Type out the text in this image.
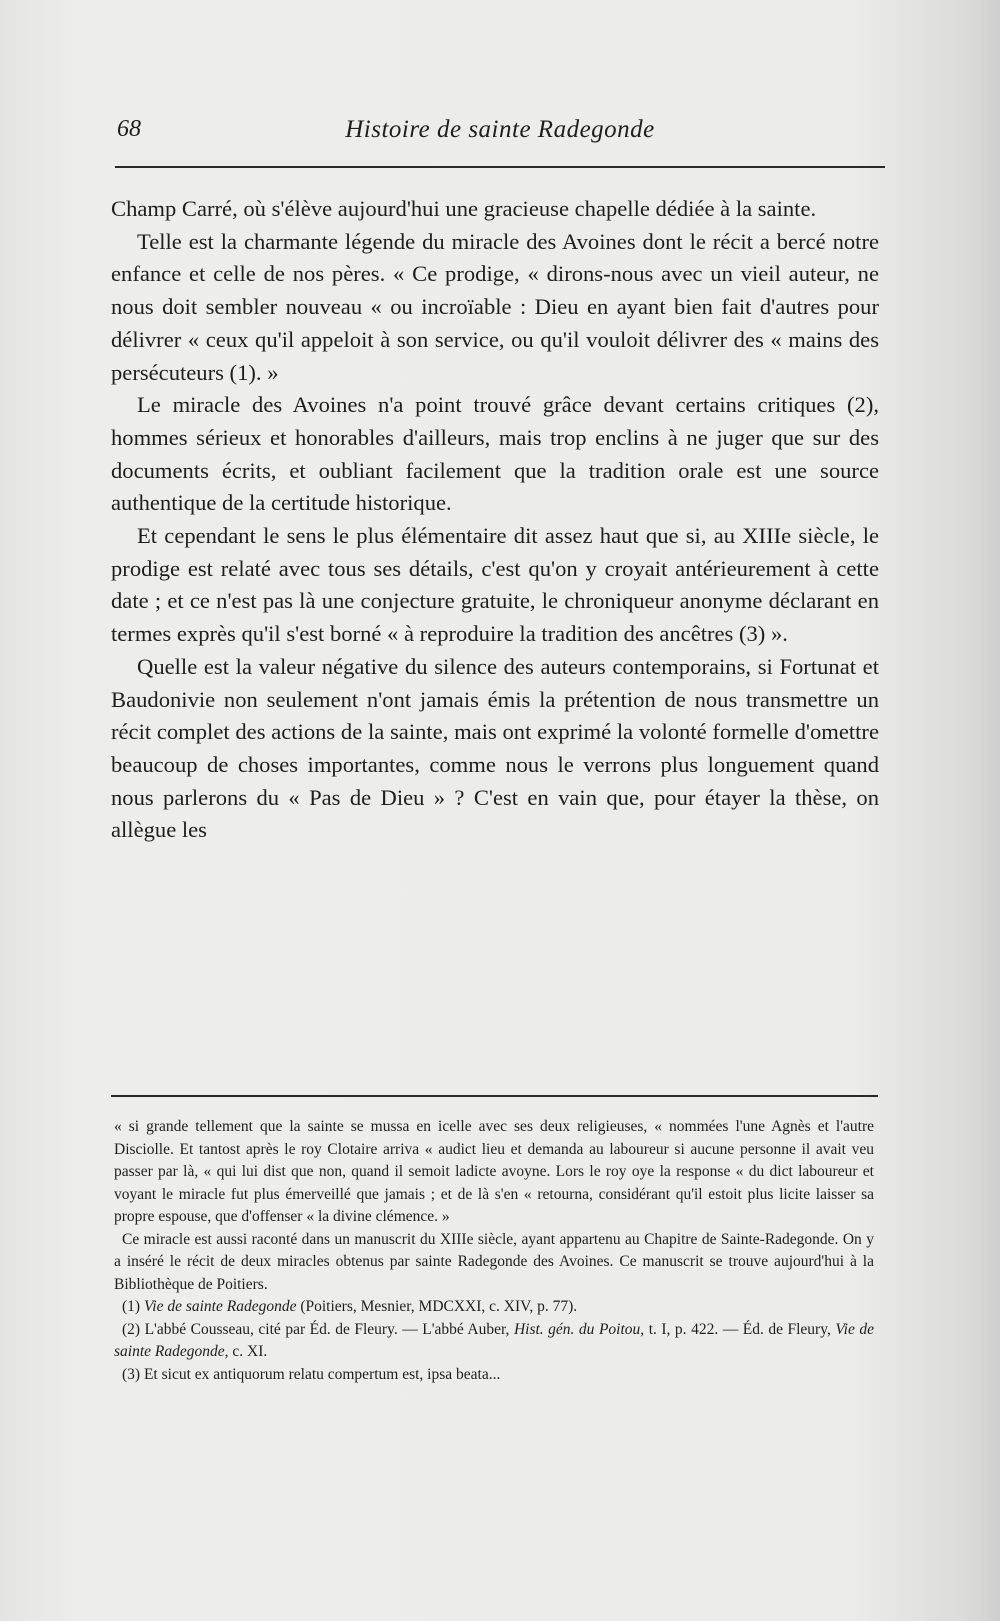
68	Histoire de sainte Radegonde

Champ Carré, où s'élève aujourd'hui une gracieuse chapelle dédiée à la sainte.

Telle est la charmante légende du miracle des Avoines dont le récit a bercé notre enfance et celle de nos pères. « Ce prodige, « dirons-nous avec un vieil auteur, ne nous doit sembler nouveau « ou incroïable : Dieu en ayant bien fait d'autres pour délivrer « ceux qu'il appeloit à son service, ou qu'il vouloit délivrer des « mains des persécuteurs (1). »

Le miracle des Avoines n'a point trouvé grâce devant certains critiques (2), hommes sérieux et honorables d'ailleurs, mais trop enclins à ne juger que sur des documents écrits, et oubliant facilement que la tradition orale est une source authentique de la certitude historique.

Et cependant le sens le plus élémentaire dit assez haut que si, au XIIIe siècle, le prodige est relaté avec tous ses détails, c'est qu'on y croyait antérieurement à cette date ; et ce n'est pas là une conjecture gratuite, le chroniqueur anonyme déclarant en termes exprès qu'il s'est borné « à reproduire la tradition des ancêtres (3) ».

Quelle est la valeur négative du silence des auteurs contemporains, si Fortunat et Baudonivie non seulement n'ont jamais émis la prétention de nous transmettre un récit complet des actions de la sainte, mais ont exprimé la volonté formelle d'omettre beaucoup de choses importantes, comme nous le verrons plus longuement quand nous parlerons du « Pas de Dieu » ? C'est en vain que, pour étayer la thèse, on allègue les

« si grande tellement que la sainte se mussa en icelle avec ses deux religieuses, « nommées l'une Agnès et l'autre Disciolle. Et tantost après le roy Clotaire arriva « audict lieu et demanda au laboureur si aucune personne il avait veu passer par là, « qui lui dist que non, quand il semoit ladicte avoyne. Lors le roy oye la response « du dict laboureur et voyant le miracle fut plus émerveillé que jamais ; et de là s'en « retourna, considérant qu'il estoit plus licite laisser sa propre espouse, que d'offenser « la divine clémence. »

Ce miracle est aussi raconté dans un manuscrit du XIIIe siècle, ayant appartenu au Chapitre de Sainte-Radegonde. On y a inséré le récit de deux miracles obtenus par sainte Radegonde des Avoines. Ce manuscrit se trouve aujourd'hui à la Bibliothèque de Poitiers.

(1) Vie de sainte Radegonde (Poitiers, Mesnier, MDCXXI, c. XIV, p. 77).

(2) L'abbé Cousseau, cité par Éd. de Fleury. — L'abbé Auber, Hist. gén. du Poitou, t. I, p. 422. — Éd. de Fleury, Vie de sainte Radegonde, c. XI.

(3) Et sicut ex antiquorum relatu compertum est, ipsa beata...
